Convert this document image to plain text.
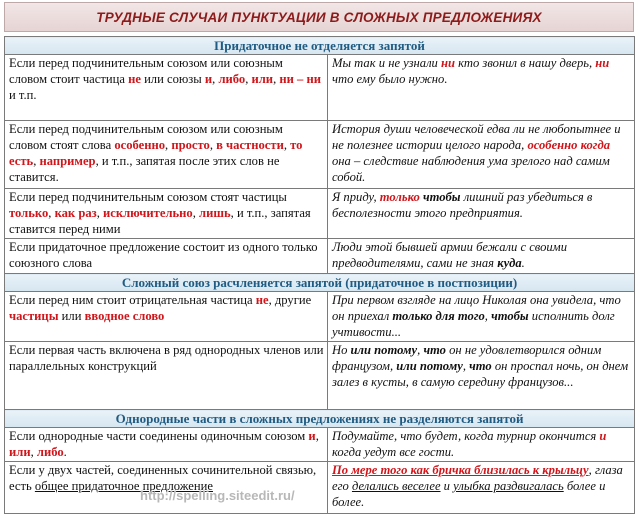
ТРУДНЫЕ СЛУЧАИ ПУНКТУАЦИИ В СЛОЖНЫХ ПРЕДЛОЖЕНИЯХ
Придаточное не отделяется запятой	
Если перед подчинительным союзом или союзным словом стоит частица не или союзы и, либо, или, ни – ни и т.п.	Мы так и не узнали ни кто звонил в нашу дверь, ни что ему было нужно.
Если перед подчинительным союзом или союзным словом стоят слова особенно, просто, в частности, то есть, например, и т.п., запятая после этих слов не ставится.	История души человеческой едва ли не любопытнее и не полезнее истории целого народа, особенно когда она – следствие наблюдения ума зрелого над самим собой.
Если перед подчинительным союзом стоят частицы только, как раз, исключительно, лишь, и т.п., запятая ставится перед ними	Я приду, только чтобы лишний раз убедиться в бесполезности этого предприятия.
Если придаточное предложение состоит из одного только союзного слова	Люди этой бывшей армии бежали с своими предводителями, сами не зная куда.
Сложный союз расчленяется запятой (придаточное в постпозиции)	
Если перед ним стоит отрицательная частица не, другие частицы или вводное слово	При первом взгляде на лицо Николая она увидела, что он приехал только для того, чтобы исполнить долг учтивости...
Если первая часть включена в ряд однородных членов или параллельных конструкций	Но или потому, что он не удовлетворился одним французом, или потому, что он проспал ночь, он днем залез в кусты, в самую середину французов...
Однородные части в сложных предложениях не разделяются запятой	
Если однородные части соединены одиночным союзом и, или, либо.	Подумайте, что будет, когда турнир окончится и когда уедут все гости.
Если у двух частей, соединенных сочинительной связью, есть общее придаточное предложение	По мере того как бричка близилась к крыльцу, глаза его делались веселее и улыбка раздвигалась более и более.
http://spelling.siteedit.ru/
